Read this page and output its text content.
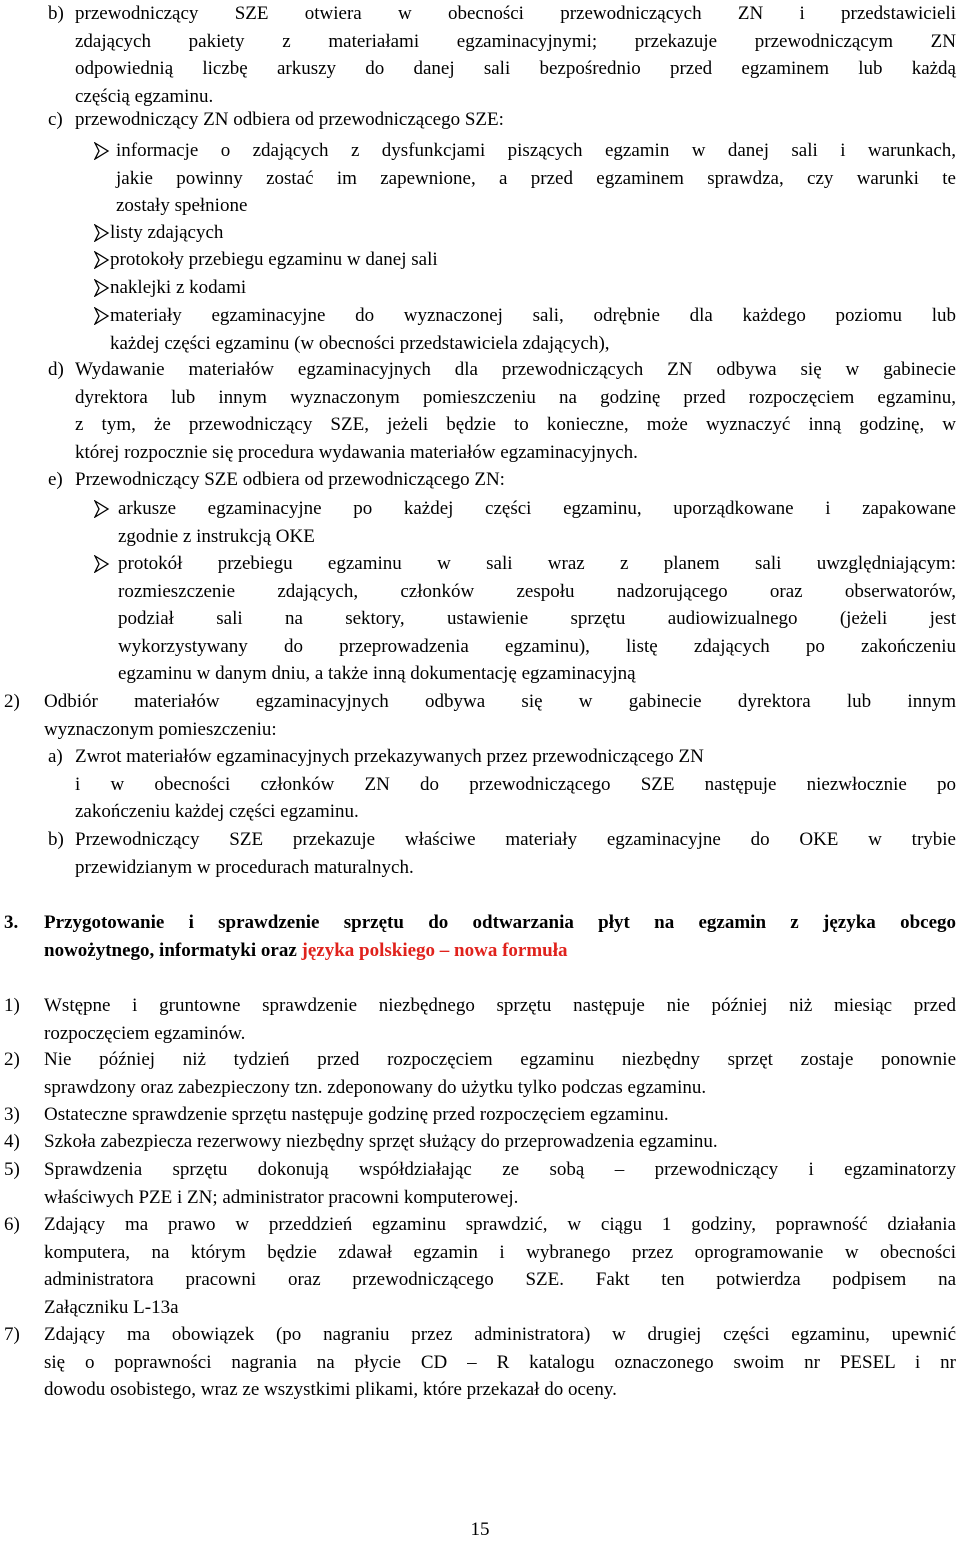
b) przewodniczący SZE otwiera w obecności przewodniczących ZN i przedstawicieli
zdających pakiety z materiałami egzaminacyjnymi; przekazuje przewodniczącym ZN
odpowiednią liczbę arkuszy do danej sali bezpośrednio przed egzaminem lub każdą
częścią egzaminu.
c) przewodniczący ZN odbiera od przewodniczącego SZE:
informacje o zdających z dysfunkcjami piszących egzamin w danej sali i warunkach,
jakie powinny zostać im zapewnione, a przed egzaminem sprawdza, czy warunki te
zostały spełnione
listy zdających
protokoły przebiegu egzaminu w danej sali
naklejki z kodami
materiały egzaminacyjne do wyznaczonej sali, odrębnie dla każdego poziomu lub
każdej części egzaminu (w obecności przedstawiciela zdających),
d) Wydawanie materiałów egzaminacyjnych dla przewodniczących ZN odbywa się w gabinecie
dyrektora lub innym wyznaczonym pomieszczeniu na godzinę przed rozpoczęciem egzaminu,
z tym, że przewodniczący SZE, jeżeli będzie to konieczne, może wyznaczyć inną godzinę, w
której rozpocznie się procedura wydawania materiałów egzaminacyjnych.
e) Przewodniczący SZE odbiera od przewodniczącego ZN:
arkusze egzaminacyjne po każdej części egzaminu, uporządkowane i zapakowane
zgodnie z instrukcją OKE
protokół przebiegu egzaminu w sali wraz z planem sali uwzględniającym:
rozmieszczenie zdających, członków zespołu nadzorującego oraz obserwatorów,
podział sali na sektory, ustawienie sprzętu audiowizualnego (jeżeli jest
wykorzystywany do przeprowadzenia egzaminu), listę zdających po zakończeniu
egzaminu w danym dniu, a także inną dokumentację egzaminacyjną
2) Odbiór materiałów egzaminacyjnych odbywa się w gabinecie dyrektora lub innym
wyznaczonym pomieszczeniu:
a) Zwrot materiałów egzaminacyjnych przekazywanych przez przewodniczącego ZN
i w obecności członków ZN do przewodniczącego SZE następuje niezwłocznie po
zakończeniu każdej części egzaminu.
b) Przewodniczący SZE przekazuje właściwe materiały egzaminacyjne do OKE w trybie
przewidzianym w procedurach maturalnych.
3. Przygotowanie i sprawdzenie sprzętu do odtwarzania płyt na egzamin z języka obcego
nowożytnego, informatyki oraz języka polskiego – nowa formuła
1) Wstępne i gruntowne sprawdzenie niezbędnego sprzętu następuje nie później niż miesiąc przed
rozpoczęciem egzaminów.
2) Nie później niż tydzień przed rozpoczęciem egzaminu niezbędny sprzęt zostaje ponownie
sprawdzony oraz zabezpieczony tzn. zdeponowany do użytku tylko podczas egzaminu.
3) Ostateczne sprawdzenie sprzętu następuje godzinę przed rozpoczęciem egzaminu.
4) Szkoła zabezpiecza rezerwowy niezbędny sprzęt służący do przeprowadzenia egzaminu.
5) Sprawdzenia sprzętu dokonują współdziałając ze sobą – przewodniczący i egzaminatorzy
właściwych PZE i ZN; administrator pracowni komputerowej.
6) Zdający ma prawo w przeddzień egzaminu sprawdzić, w ciągu 1 godziny, poprawność działania
komputera, na którym będzie zdawał egzamin i wybranego przez oprogramowanie w obecności
administratora pracowni oraz przewodniczącego SZE. Fakt ten potwierdza podpisem na
Załączniku L-13a
7) Zdający ma obowiązek (po nagraniu przez administratora) w drugiej części egzaminu, upewnić
się o poprawności nagrania na płycie CD – R katalogu oznaczonego swoim nr PESEL i nr
dowodu osobistego, wraz ze wszystkimi plikami, które przekazał do oceny.
15
